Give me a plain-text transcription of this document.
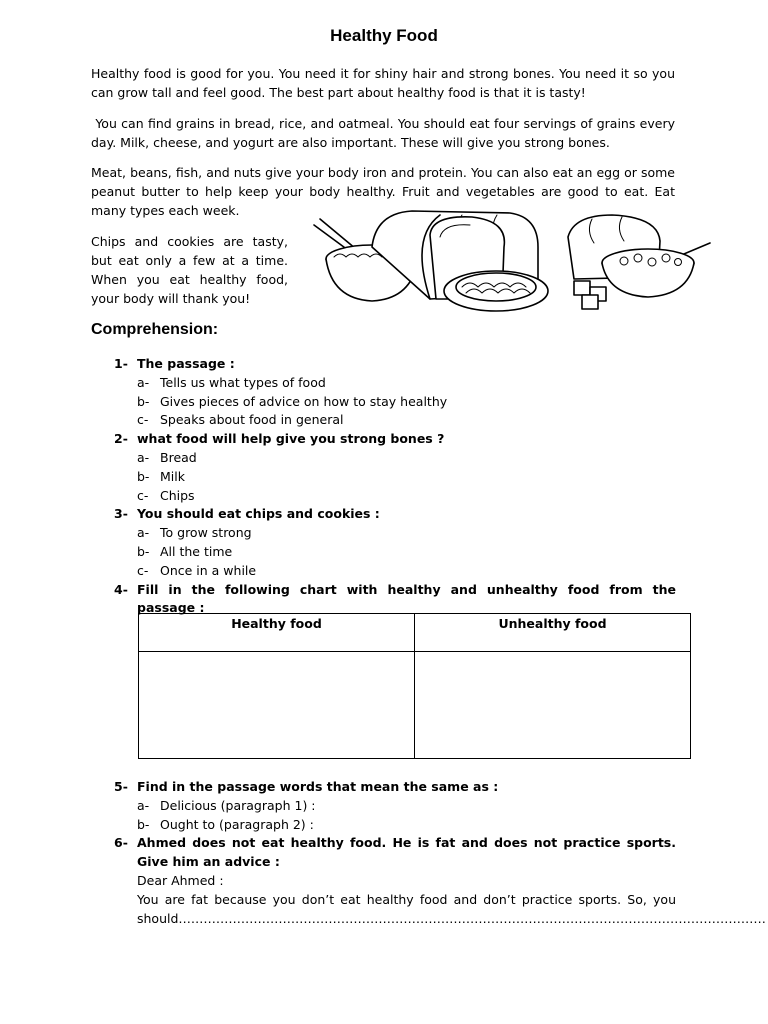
Healthy Food

Healthy food is good for you. You need it for shiny hair and strong bones. You need it so you can grow tall and feel good. The best part about healthy food is that it is tasty!

You can find grains in bread, rice, and oatmeal. You should eat four servings of grains every day. Milk, cheese, and yogurt are also important. These will give you strong bones.

Meat, beans, fish, and nuts give your body iron and protein. You can also eat an egg or some peanut butter to help keep your body healthy. Fruit and vegetables are good to eat. Eat many types each week.

Chips and cookies are tasty, but eat only a few at a time. When you eat healthy food, your body will thank you!

Comprehension:
1- The passage :
a- Tells us what types of food
b- Gives pieces of advice on how to stay healthy
c- Speaks about food in general
2- what food will help give you strong bones ?
a- Bread
b- Milk
c- Chips
3- You should eat chips and cookies :
a- To grow strong
b- All the time
c- Once in a while
4- Fill in the following chart with healthy and unhealthy food from the passage :
Healthy food	Unhealthy food

5- Find in the passage words that mean the same as :
a- Delicious (paragraph 1) :
b- Ought to (paragraph 2) :
6- Ahmed does not eat healthy food. He is fat and does not practice sports. Give him an advice :
Dear Ahmed :
You are fat because you don’t eat healthy food and don’t practice sports. So, you should……………………………………………………………………………………………………………………………
